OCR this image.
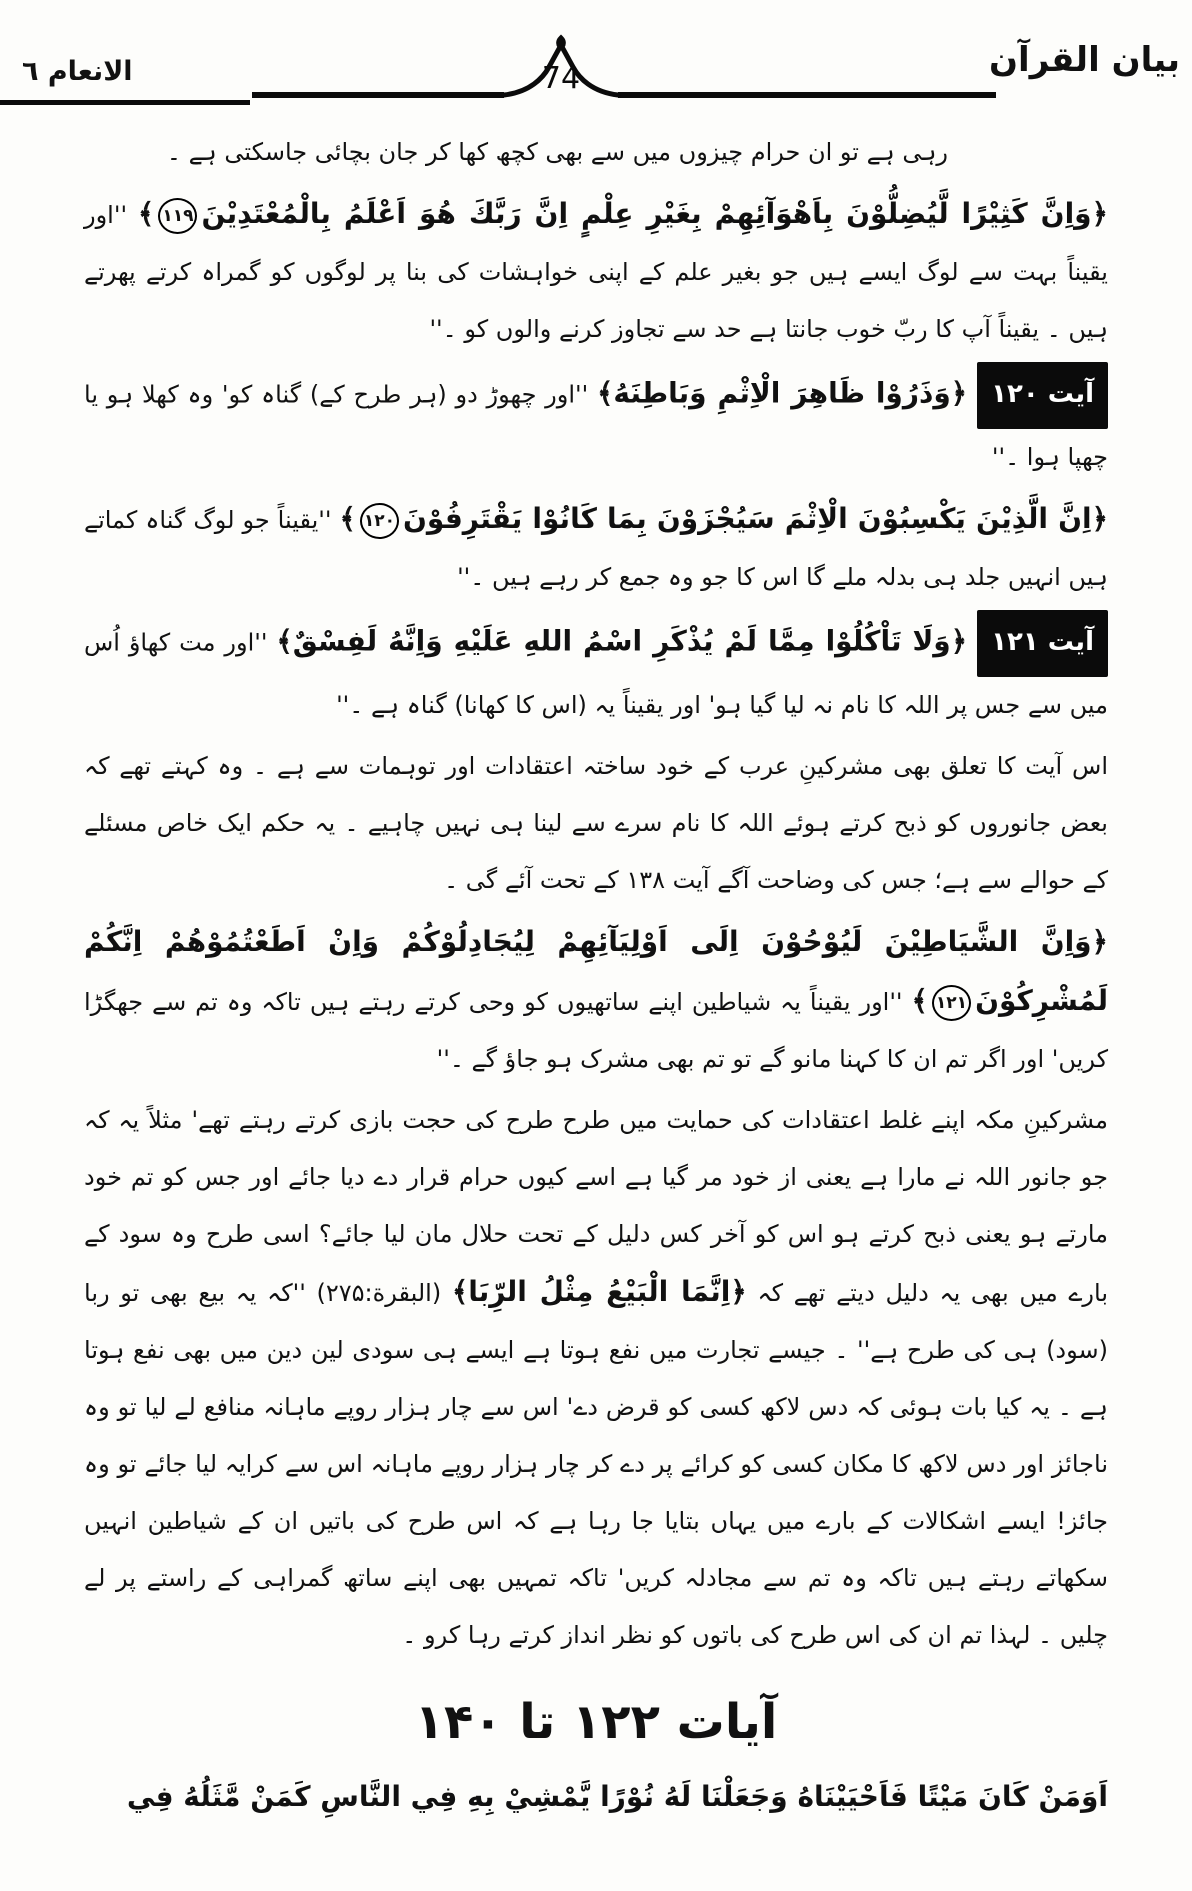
74	بيان القرآن
الانعام ٦

رہی ہے تو ان حرام چیزوں میں سے بھی کچھ کھا کر جان بچائی جاسکتی ہے ۔

﴿وَاِنَّ كَثِيْرًا لَّيُضِلُّوْنَ بِاَهْوَآئِهِمْ بِغَيْرِ عِلْمٍ اِنَّ رَبَّكَ هُوَ اَعْلَمُ بِالْمُعْتَدِيْنَ۱۱۹﴾ ''اور یقیناً بہت سے لوگ ایسے ہیں جو بغیر علم کے اپنی خواہشات کی بنا پر لوگوں کو گمراہ کرتے پھرتے ہیں ۔ یقیناً آپ کا ربّ خوب جانتا ہے حد سے تجاوز کرنے والوں کو ۔''

آیت ۱۲۰﴿وَذَرُوْا ظَاهِرَ الْاِثْمِ وَبَاطِنَهُ﴾ ''اور چھوڑ دو (ہر طرح کے) گناہ کو' وہ کھلا ہو یا چھپا ہوا ۔''

﴿اِنَّ الَّذِيْنَ يَكْسِبُوْنَ الْاِثْمَ سَيُجْزَوْنَ بِمَا كَانُوْا يَقْتَرِفُوْنَ۱۲۰﴾ ''یقیناً جو لوگ گناہ کماتے ہیں انہیں جلد ہی بدلہ ملے گا اس کا جو وہ جمع کر رہے ہیں ۔''

آیت ۱۲۱﴿وَلَا تَاْكُلُوْا مِمَّا لَمْ يُذْكَرِ اسْمُ اللهِ عَلَيْهِ وَاِنَّهُ لَفِسْقٌ﴾ ''اور مت کھاؤ اُس میں سے جس پر اللہ کا نام نہ لیا گیا ہو' اور یقیناً یہ (اس کا کھانا) گناہ ہے ۔''

اس آیت کا تعلق بھی مشرکینِ عرب کے خود ساختہ اعتقادات اور توہمات سے ہے ۔ وہ کہتے تھے کہ بعض جانوروں کو ذبح کرتے ہوئے اللہ کا نام سرے سے لینا ہی نہیں چاہیے ۔ یہ حکم ایک خاص مسئلے کے حوالے سے ہے؛ جس کی وضاحت آگے آیت ۱۳۸ کے تحت آئے گی ۔

﴿وَاِنَّ الشَّيَاطِيْنَ لَيُوْحُوْنَ اِلَى اَوْلِيَآئِهِمْ لِيُجَادِلُوْكُمْ وَاِنْ اَطَعْتُمُوْهُمْ اِنَّكُمْ لَمُشْرِكُوْنَ۱۲۱﴾ ''اور یقیناً یہ شیاطین اپنے ساتھیوں کو وحی کرتے رہتے ہیں تاکہ وہ تم سے جھگڑا کریں' اور اگر تم ان کا کہنا مانو گے تو تم بھی مشرک ہو جاؤ گے ۔''

مشرکینِ مکہ اپنے غلط اعتقادات کی حمایت میں طرح طرح کی حجت بازی کرتے رہتے تھے' مثلاً یہ کہ جو جانور اللہ نے مارا ہے یعنی از خود مر گیا ہے اسے کیوں حرام قرار دے دیا جائے اور جس کو تم خود مارتے ہو یعنی ذبح کرتے ہو اس کو آخر کس دلیل کے تحت حلال مان لیا جائے؟ اسی طرح وہ سود کے بارے میں بھی یہ دلیل دیتے تھے کہ ﴿اِنَّمَا الْبَيْعُ مِثْلُ الرِّبَا﴾ (البقرة:۲۷۵) ''کہ یہ بیع بھی تو ربا (سود) ہی کی طرح ہے'' ۔ جیسے تجارت میں نفع ہوتا ہے ایسے ہی سودی لین دین میں بھی نفع ہوتا ہے ۔ یہ کیا بات ہوئی کہ دس لاکھ کسی کو قرض دے' اس سے چار ہزار روپے ماہانہ منافع لے لیا تو وہ ناجائز اور دس لاکھ کا مکان کسی کو کرائے پر دے کر چار ہزار روپے ماہانہ اس سے کرایہ لیا جائے تو وہ جائز! ایسے اشکالات کے بارے میں یہاں بتایا جا رہا ہے کہ اس طرح کی باتیں ان کے شیاطین انہیں سکھاتے رہتے ہیں تاکہ وہ تم سے مجادلہ کریں' تاکہ تمہیں بھی اپنے ساتھ گمراہی کے راستے پر لے چلیں ۔ لہذا تم ان کی اس طرح کی باتوں کو نظر انداز کرتے رہا کرو ۔

آیات ۱۲۲ تا ۱۴۰

اَوَمَنْ كَانَ مَيْتًا فَاَحْيَيْنَاهُ وَجَعَلْنَا لَهُ نُوْرًا يَّمْشِيْ بِهِ فِي النَّاسِ كَمَنْ مَّثَلُهُ فِي
